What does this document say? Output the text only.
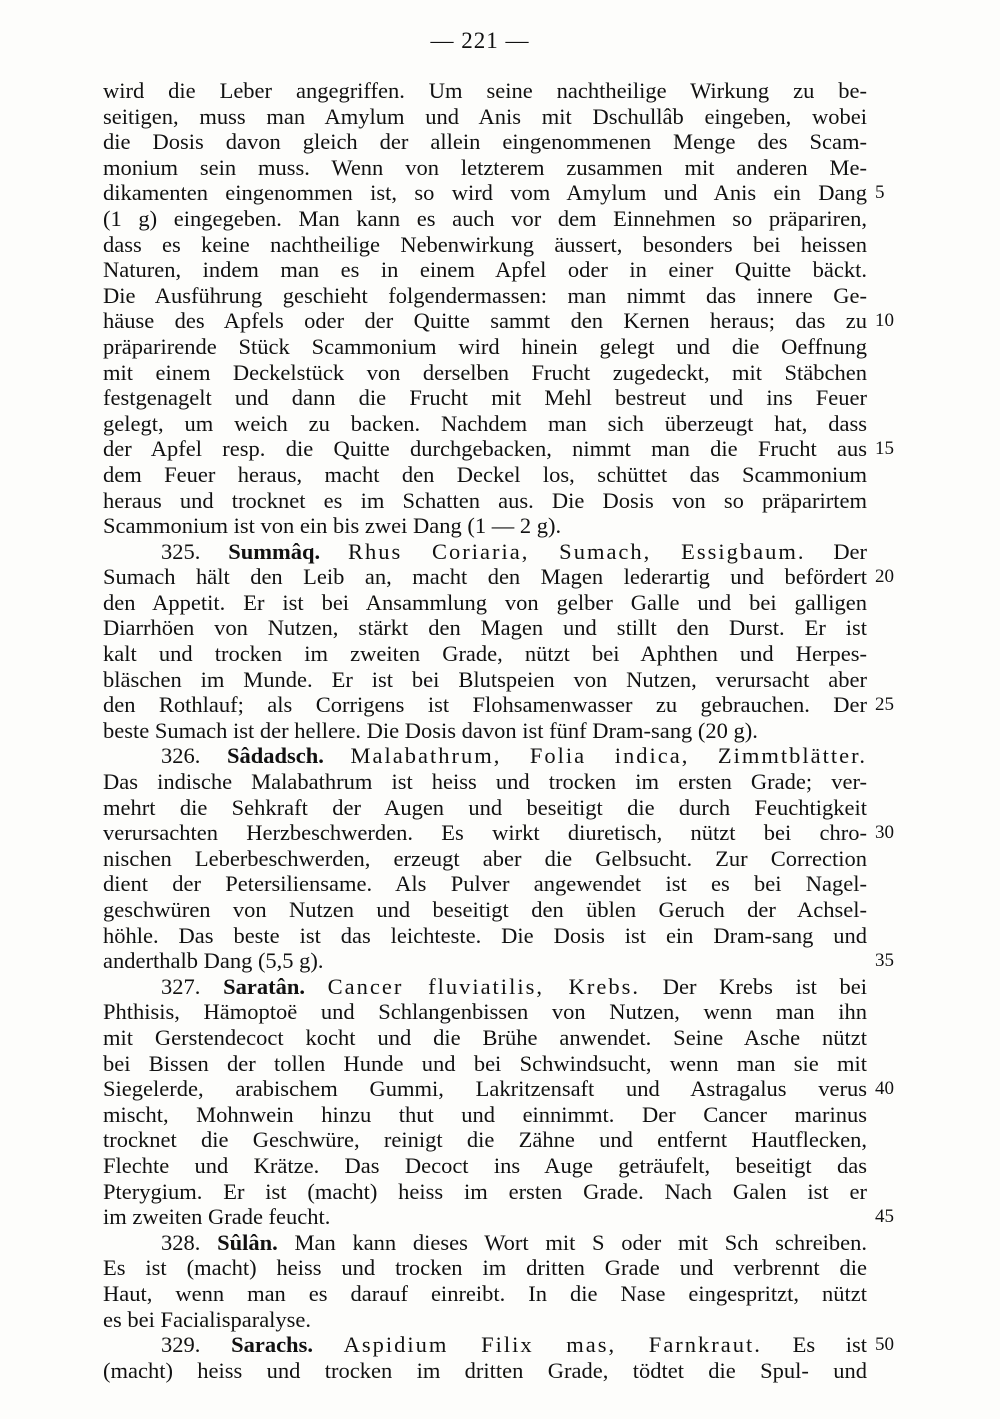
— 221 —
wird die Leber angegriffen. Um seine nachtheilige Wirkung zu be-
seitigen, muss man Amylum und Anis mit Dschullâb eingeben, wobei
die Dosis davon gleich der allein eingenommenen Menge des Scam-
monium sein muss. Wenn von letzterem zusammen mit anderen Me-
dikamenten eingenommen ist, so wird vom Amylum und Anis ein Dang 5
(1 g) eingegeben. Man kann es auch vor dem Einnehmen so präpariren,
dass es keine nachtheilige Nebenwirkung äussert, besonders bei heissen
Naturen, indem man es in einem Apfel oder in einer Quitte bäckt.
Die Ausführung geschieht folgendermassen: man nimmt das innere Ge-
häuse des Apfels oder der Quitte sammt den Kernen heraus; das zu 10
präparirende Stück Scammonium wird hinein gelegt und die Oeffnung
mit einem Deckelstück von derselben Frucht zugedeckt, mit Stäbchen
festgenagelt und dann die Frucht mit Mehl bestreut und ins Feuer
gelegt, um weich zu backen. Nachdem man sich überzeugt hat, dass
der Apfel resp. die Quitte durchgebacken, nimmt man die Frucht aus 15
dem Feuer heraus, macht den Deckel los, schüttet das Scammonium
heraus und trocknet es im Schatten aus. Die Dosis von so präparirtem
Scammonium ist von ein bis zwei Dang (1 — 2 g).
325. Summâq. Rhus Coriaria, Sumach, Essigbaum. Der
Sumach hält den Leib an, macht den Magen lederartig und befördert 20
den Appetit. Er ist bei Ansammlung von gelber Galle und bei galligen
Diarrhöen von Nutzen, stärkt den Magen und stillt den Durst. Er ist
kalt und trocken im zweiten Grade, nützt bei Aphthen und Herpes-
bläschen im Munde. Er ist bei Blutspeien von Nutzen, verursacht aber
den Rothlauf; als Corrigens ist Flohsamenwasser zu gebrauchen. Der 25
beste Sumach ist der hellere. Die Dosis davon ist fünf Dram-sang (20 g).
326. Sâdadsch. Malabathrum, Folia indica, Zimmtblätter.
Das indische Malabathrum ist heiss und trocken im ersten Grade; ver-
mehrt die Sehkraft der Augen und beseitigt die durch Feuchtigkeit
verursachten Herzbeschwerden. Es wirkt diuretisch, nützt bei chro- 30
nischen Leberbeschwerden, erzeugt aber die Gelbsucht. Zur Correction
dient der Petersiliensame. Als Pulver angewendet ist es bei Nagel-
geschwüren von Nutzen und beseitigt den üblen Geruch der Achsel-
höhle. Das beste ist das leichteste. Die Dosis ist ein Dram-sang und
anderthalb Dang (5,5 g).	35
327. Saratân. Cancer fluviatilis, Krebs. Der Krebs ist bei
Phthisis, Hämoptoë und Schlangenbissen von Nutzen, wenn man ihn
mit Gerstendecoct kocht und die Brühe anwendet. Seine Asche nützt
bei Bissen der tollen Hunde und bei Schwindsucht, wenn man sie mit
Siegelerde, arabischem Gummi, Lakritzensaft und Astragalus verus 40
mischt, Mohnwein hinzu thut und einnimmt. Der Cancer marinus
trocknet die Geschwüre, reinigt die Zähne und entfernt Hautflecken,
Flechte und Krätze. Das Decoct ins Auge geträufelt, beseitigt das
Pterygium. Er ist (macht) heiss im ersten Grade. Nach Galen ist er
im zweiten Grade feucht.	45
328. Sûlân. Man kann dieses Wort mit S oder mit Sch schreiben.
Es ist (macht) heiss und trocken im dritten Grade und verbrennt die
Haut, wenn man es darauf einreibt. In die Nase eingespritzt, nützt
es bei Facialisparalyse.
329. Sarachs. Aspidium Filix mas, Farnkraut. Es ist 50
(macht) heiss und trocken im dritten Grade, tödtet die Spul- und
